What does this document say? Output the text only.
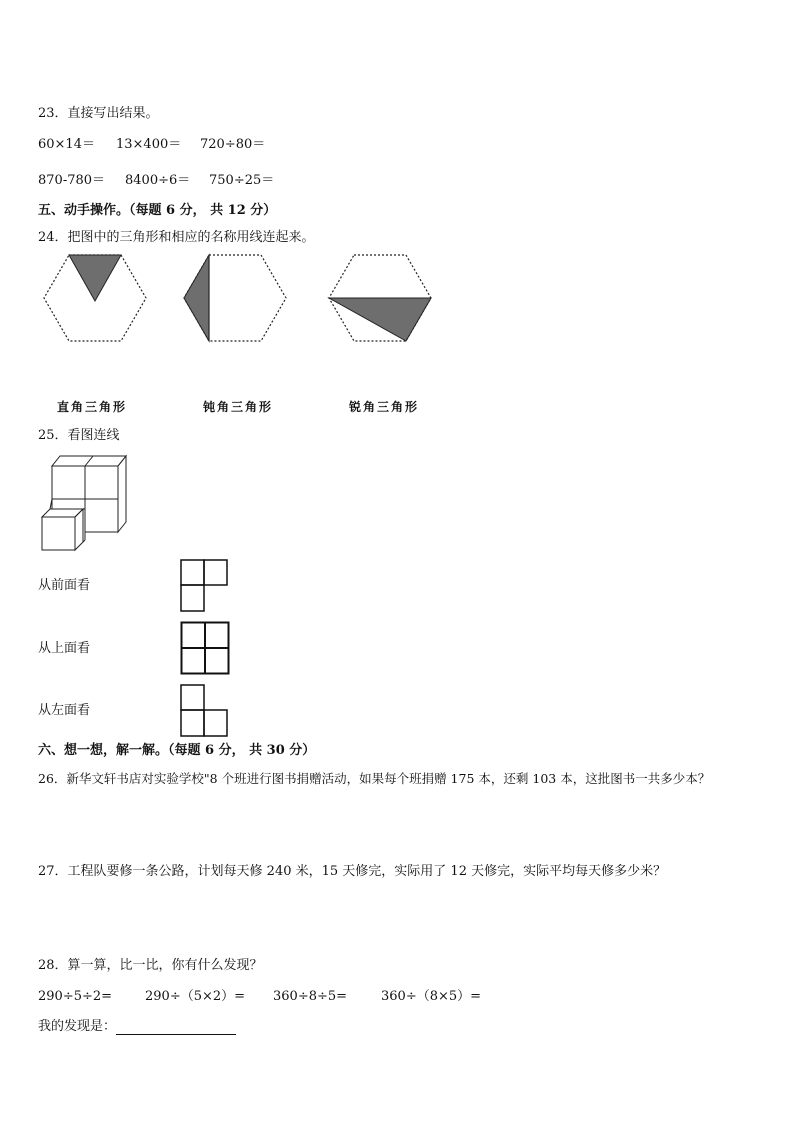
23．直接写出结果。
60×14＝ 13×400＝ 720÷80＝
870-780＝ 8400÷6＝ 750÷25＝
五、动手操作。（每题 6 分， 共 12 分）
24．把图中的三角形和相应的名称用线连起来。
直角三角形	钝角三角形	锐角三角形
25．看图连线
从前面看
从上面看
从左面看
六、想一想，解一解。（每题 6 分， 共 30 分）
26．新华文轩书店对实验学校"8 个班进行图书捐赠活动，如果每个班捐赠 175 本，还剩 103 本，这批图书一共多少本？
27．工程队要修一条公路，计划每天修 240 米，15 天修完，实际用了 12 天修完，实际平均每天修多少米？
28．算一算，比一比，你有什么发现？
290÷5÷2=	290÷（5×2）= 360÷8÷5=	360÷（8×5）=
我的发现是：
